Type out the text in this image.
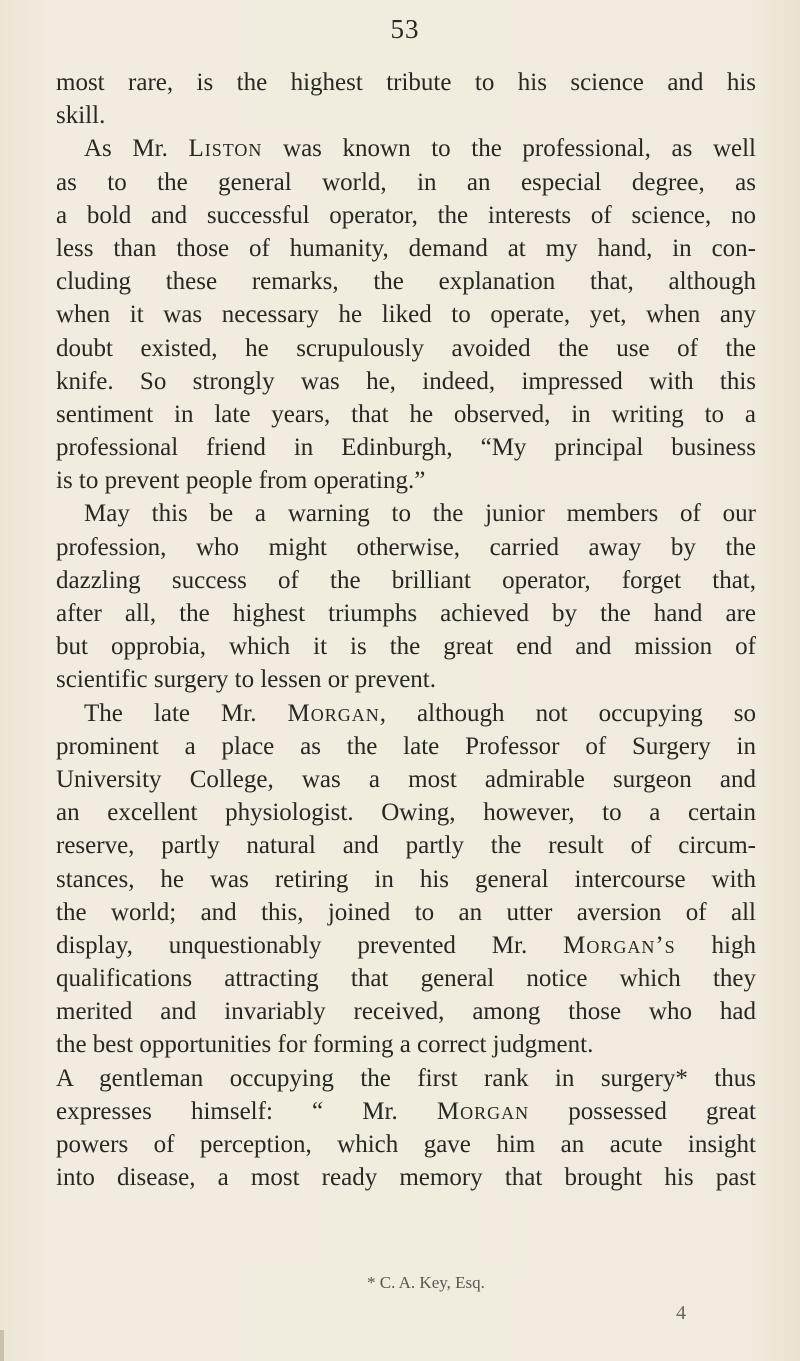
53
most rare, is the highest tribute to his science and his
skill.
As Mr. Liston was known to the professional, as well
as to the general world, in an especial degree, as
a bold and successful operator, the interests of science, no
less than those of humanity, demand at my hand, in con-
cluding these remarks, the explanation that, although
when it was necessary he liked to operate, yet, when any
doubt existed, he scrupulously avoided the use of the
knife. So strongly was he, indeed, impressed with this
sentiment in late years, that he observed, in writing to a
professional friend in Edinburgh, “My principal business
is to prevent people from operating.”
May this be a warning to the junior members of our
profession, who might otherwise, carried away by the
dazzling success of the brilliant operator, forget that,
after all, the highest triumphs achieved by the hand are
but opprobia, which it is the great end and mission of
scientific surgery to lessen or prevent.
The late Mr. Morgan, although not occupying so
prominent a place as the late Professor of Surgery in
University College, was a most admirable surgeon and
an excellent physiologist. Owing, however, to a certain
reserve, partly natural and partly the result of circum-
stances, he was retiring in his general intercourse with
the world; and this, joined to an utter aversion of all
display, unquestionably prevented Mr. Morgan’s high
qualifications attracting that general notice which they
merited and invariably received, among those who had
the best opportunities for forming a correct judgment.
A gentleman occupying the first rank in surgery* thus
expresses himself: “ Mr. Morgan possessed great
powers of perception, which gave him an acute insight
into disease, a most ready memory that brought his past
* C. A. Key, Esq.
4
